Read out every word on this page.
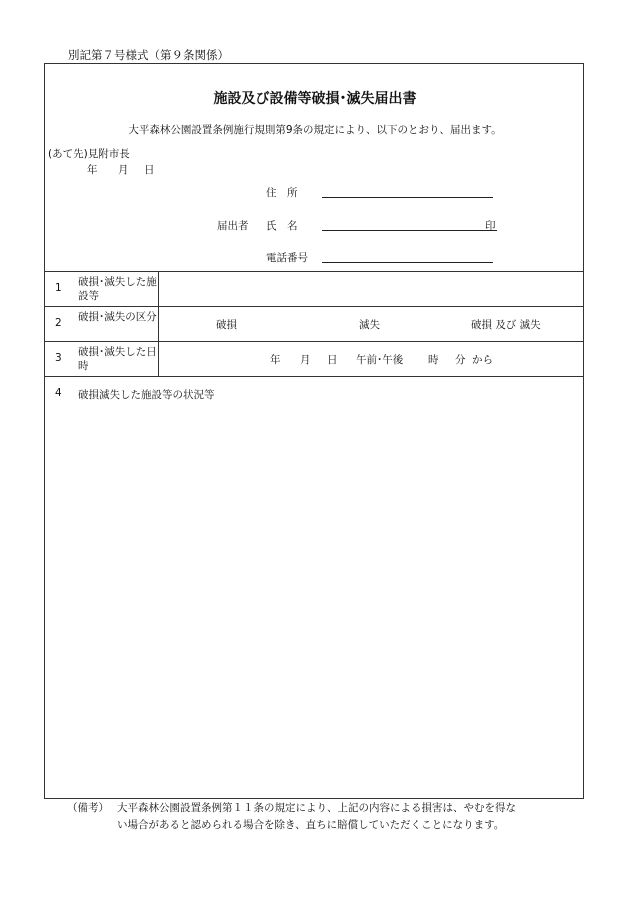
別記第７号様式（第９条関係）
施設及び設備等破損･滅失届出書
大平森林公園設置条例施行規則第9条の規定により、以下のとおり、届出ます。
(あて先)見附市長
年 月 日
住　所
届出者 氏　名	印
電話番号
1 破損･滅失した施設等
2 破損･滅失の区分
破損	滅失	破損 及び 滅失
3 破損･滅失した日時	年 月 日 午前･午後 時 分 から
4 破損滅失した施設等の状況等
（備考） 大平森林公園設置条例第１１条の規定により、上記の内容による損害は、やむを得な
い場合があると認められる場合を除き、直ちに賠償していただくことになります。
